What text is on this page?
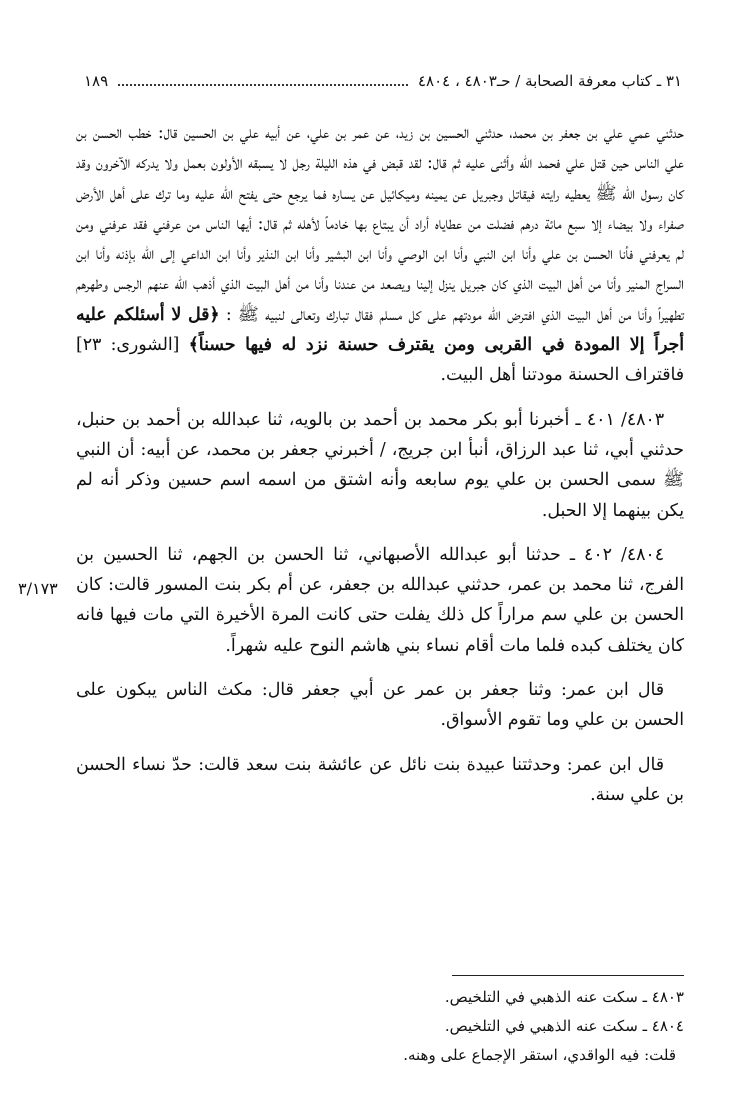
٣١ ـ كتاب معرفة الصحابة / حـ٤٨٠٣ ، ٤٨٠٤
١٨٩
٣/١٧٣

حدثني عمي علي بن جعفر بن محمد، حدثني الحسين بن زيد، عن عمر بن علي، عن أبيه علي بن الحسين قال: خطب الحسن بن علي الناس حين قتل علي فحمد الله وأثنى عليه ثم قال: لقد قبض في هذه الليلة رجل لا يسبقه الأولون بعمل ولا يدركه الآخرون وقد كان رسول الله ﷺ يعطيه رايته فيقاتل وجبريل عن يمينه وميكائيل عن يساره فما يرجع حتى يفتح الله عليه وما ترك على أهل الأرض صفراء ولا بيضاء إلا سبع مائة درهم فضلت من عطاياه أراد أن يبتاع بها خادماً لأهله ثم قال: أيها الناس من عرفني فقد عرفني ومن لم يعرفني فأنا الحسن بن علي وأنا ابن النبي وأنا ابن الوصي وأنا ابن البشير وأنا ابن النذير وأنا ابن الداعي إلى الله بإذنه وأنا ابن السراج المنير وأنا من أهل البيت الذي كان جبريل ينزل إلينا ويصعد من عندنا وأنا من أهل البيت الذي أذهب الله عنهم الرجس وطهرهم تطهيراً وأنا من أهل البيت الذي افترض الله مودتهم على كل مسلم فقال تبارك وتعالى لنبيه ﷺ : ﴿قل لا أسئلكم عليه أجراً إلا المودة في القربى ومن يقترف حسنة نزد له فيها حسناً﴾ [الشورى: ٢٣] فاقتراف الحسنة مودتنا أهل البيت.

٤٨٠٣/ ٤٠١ ـ أخبرنا أبو بكر محمد بن أحمد بن بالويه، ثنا عبدالله بن أحمد بن حنبل، حدثني أبي، ثنا عبد الرزاق، أنبأ ابن جريج، / أخبرني جعفر بن محمد، عن أبيه: أن النبي ﷺ سمى الحسن بن علي يوم سابعه وأنه اشتق من اسمه اسم حسين وذكر أنه لم يكن بينهما إلا الحبل.

٤٨٠٤/ ٤٠٢ ـ حدثنا أبو عبدالله الأصبهاني، ثنا الحسن بن الجهم، ثنا الحسين بن الفرج، ثنا محمد بن عمر، حدثني عبدالله بن جعفر، عن أم بكر بنت المسور قالت: كان الحسن بن علي سم مراراً كل ذلك يفلت حتى كانت المرة الأخيرة التي مات فيها فانه كان يختلف كبده فلما مات أقام نساء بني هاشم النوح عليه شهراً.

قال ابن عمر: وثنا جعفر بن عمر عن أبي جعفر قال: مكث الناس يبكون على الحسن بن علي وما تقوم الأسواق.

قال ابن عمر: وحدثتنا عبيدة بنت نائل عن عائشة بنت سعد قالت: حدّ نساء الحسن بن علي سنة.

٤٨٠٣ ـ سكت عنه الذهبي في التلخيص.

٤٨٠٤ ـ سكت عنه الذهبي في التلخيص.

قلت: فيه الواقدي، استقر الإجماع على وهنه.
